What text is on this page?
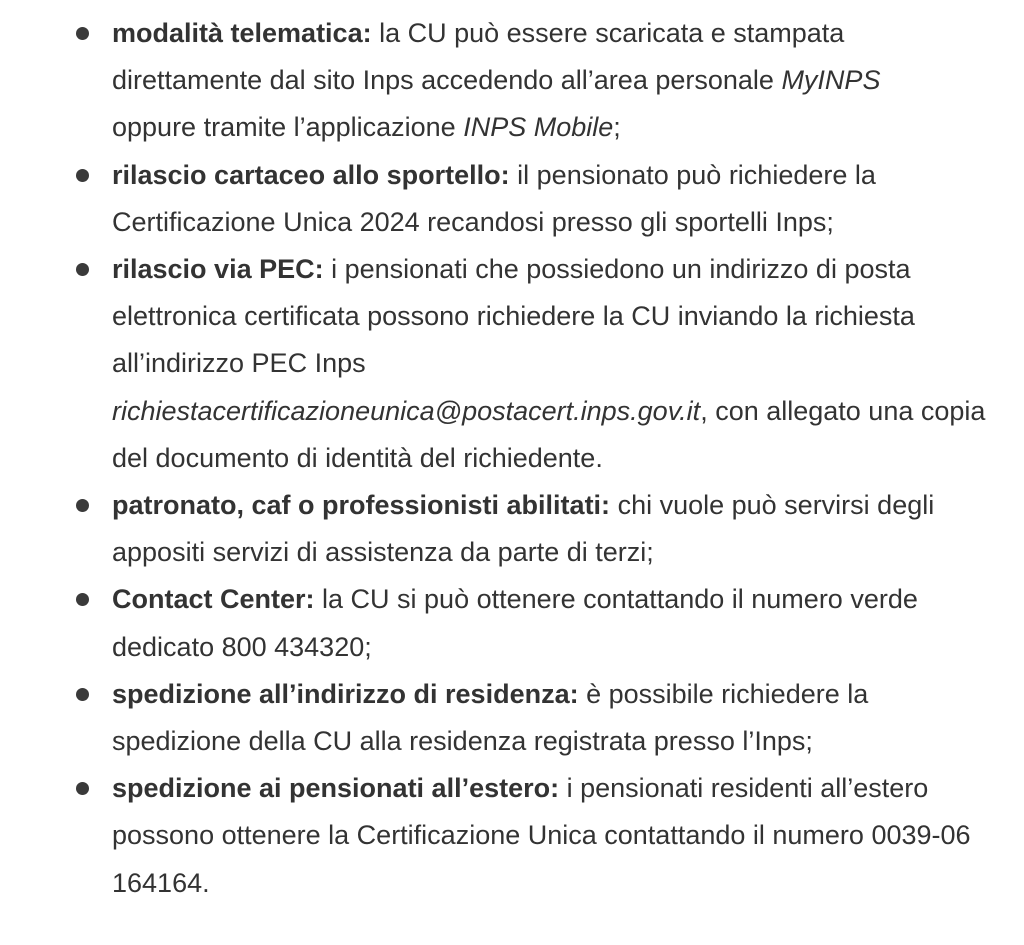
modalità telematica: la CU può essere scaricata e stampata direttamente dal sito Inps accedendo all’area personale MyINPS
oppure tramite l’applicazione INPS Mobile;
rilascio cartaceo allo sportello: il pensionato può richiedere la Certificazione Unica 2024 recandosi presso gli sportelli Inps;
rilascio via PEC: i pensionati che possiedono un indirizzo di posta elettronica certificata possono richiedere la CU inviando la richiesta all’indirizzo PEC Inps
richiestacertificazioneunica@postacert.inps.gov.it, con allegato una copia del documento di identità del richiedente.
patronato, caf o professionisti abilitati: chi vuole può servirsi degli appositi servizi di assistenza da parte di terzi;
Contact Center: la CU si può ottenere contattando il numero verde dedicato 800 434320;
spedizione all’indirizzo di residenza: è possibile richiedere la spedizione della CU alla residenza registrata presso l’Inps;
spedizione ai pensionati all’estero: i pensionati residenti all’estero possono ottenere la Certificazione Unica contattando il numero 0039-06 164164.
